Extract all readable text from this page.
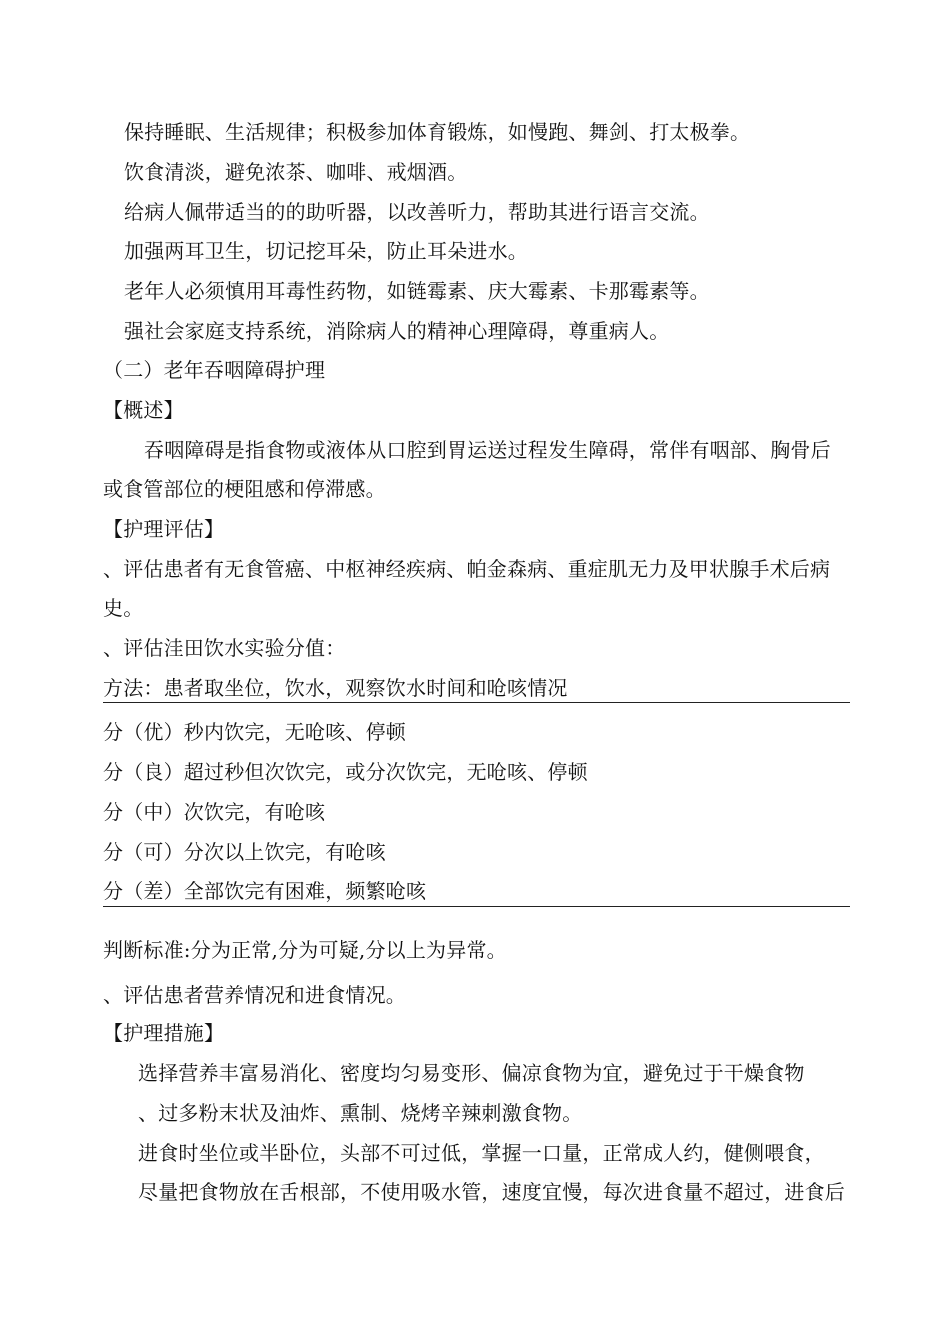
保持睡眠、生活规律；积极参加体育锻炼，如慢跑、舞剑、打太极拳。
饮食清淡，避免浓茶、咖啡、戒烟酒。
给病人佩带适当的的助听器，以改善听力，帮助其进行语言交流。
加强两耳卫生，切记挖耳朵，防止耳朵进水。
老年人必须慎用耳毒性药物，如链霉素、庆大霉素、卡那霉素等。
强社会家庭支持系统，消除病人的精神心理障碍，尊重病人。
（二）老年吞咽障碍护理
【概述】
吞咽障碍是指食物或液体从口腔到胃运送过程发生障碍，常伴有咽部、胸骨后
或食管部位的梗阻感和停滞感。
【护理评估】
、评估患者有无食管癌、中枢神经疾病、帕金森病、重症肌无力及甲状腺手术后病
史。
、评估洼田饮水实验分值：
方法：患者取坐位，饮水，观察饮水时间和呛咳情况
分（优）秒内饮完，无呛咳、停顿
分（良）超过秒但次饮完，或分次饮完，无呛咳、停顿
分（中）次饮完，有呛咳
分（可）分次以上饮完，有呛咳
分（差）全部饮完有困难，频繁呛咳
判断标准:分为正常,分为可疑,分以上为异常。
、评估患者营养情况和进食情况。
【护理措施】
选择营养丰富易消化、密度均匀易变形、偏凉食物为宜，避免过于干燥食物
、过多粉末状及油炸、熏制、烧烤辛辣刺激食物。
进食时坐位或半卧位，头部不可过低，掌握一口量，正常成人约，健侧喂食，
尽量把食物放在舌根部，不使用吸水管，速度宜慢，每次进食量不超过，进食后
